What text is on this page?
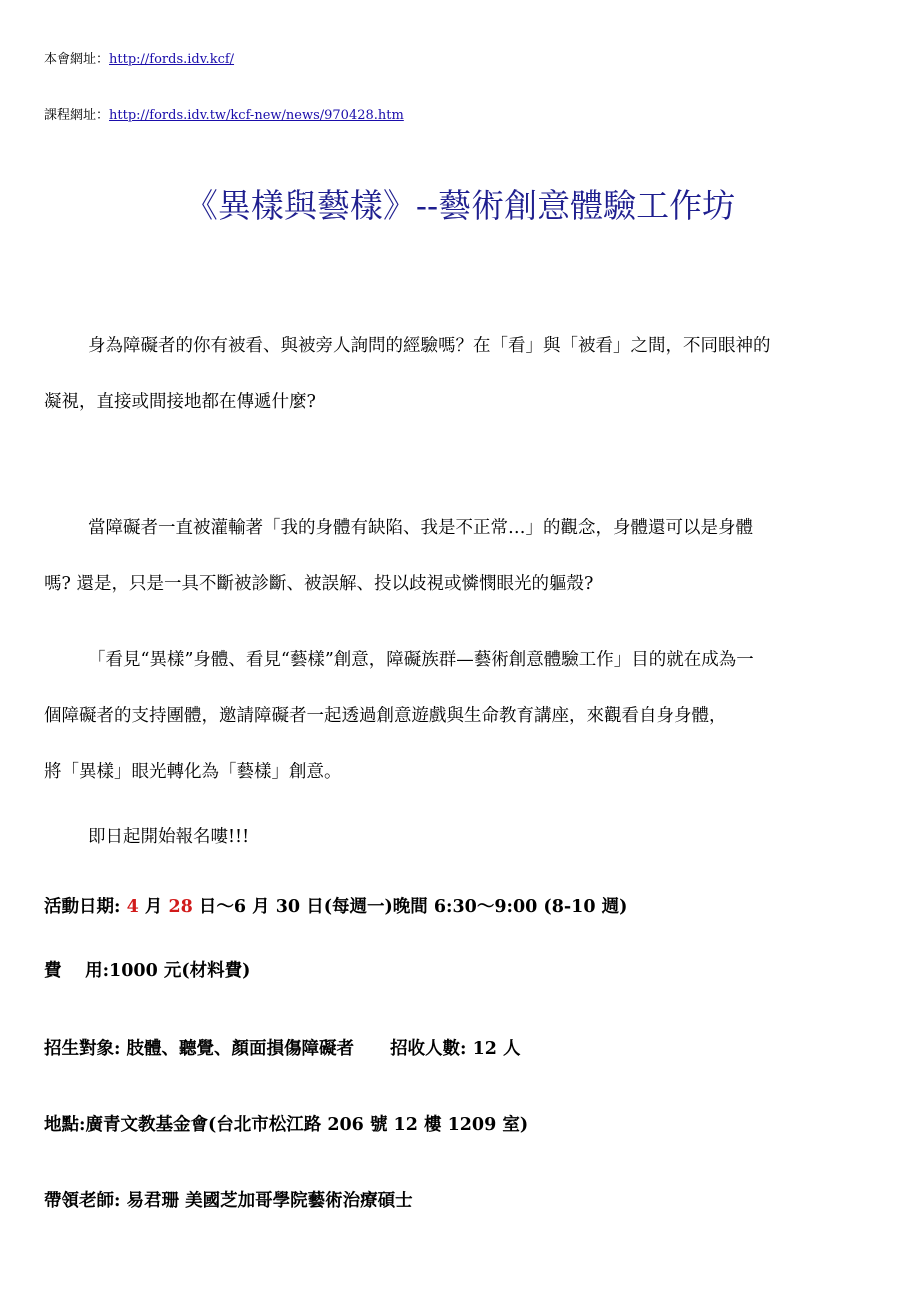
本會網址：http://fords.idv.kcf/
課程網址：http://fords.idv.tw/kcf-new/news/970428.htm
《異樣與藝樣》--藝術創意體驗工作坊

身為障礙者的你有被看、與被旁人詢問的經驗嗎？在「看」與「被看」之間，不同眼神的

凝視，直接或間接地都在傳遞什麼?

當障礙者一直被灌輸著「我的身體有缺陷、我是不正常…」的觀念，身體還可以是身體

嗎? 還是，只是一具不斷被診斷、被誤解、投以歧視或憐憫眼光的軀殼?

「看見“異樣”身體、看見“藝樣”創意，障礙族群—藝術創意體驗工作」目的就在成為一

個障礙者的支持團體，邀請障礙者一起透過創意遊戲與生命教育講座，來觀看自身身體，

將「異樣」眼光轉化為「藝樣」創意。

即日起開始報名嘍!!!

活動日期: 4 月 28 日～6 月 30 日(每週一)晚間 6:30～9:00 (8-10 週)
費　 用:1000 元(材料費)
招生對象: 肢體、聽覺、顏面損傷障礙者 招收人數: 12 人
地點:廣青文教基金會(台北市松江路 206 號 12 樓 1209 室)
帶領老師: 易君珊 美國芝加哥學院藝術治療碩士
